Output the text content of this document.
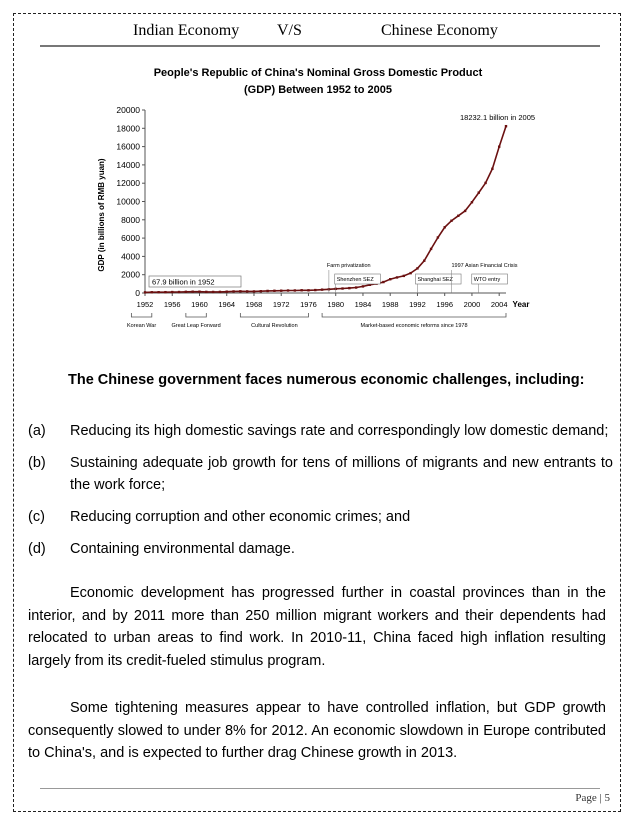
Indian Economy V/S	Chinese Economy
People's Republic of China's Nominal Gross Domestic Product
(GDP) Between 1952 to 2005
GDP (in billions of RMB yuan)
Year
0
2000
4000
6000
8000
10000
12000
14000
16000
18000
20000
1952 1956 1960 1964 1968 1972 1976 1980 1984 1988 1992 1996 2000 2004
Korean War	Great Leap Forward	Cultural Revolution	Market-based economic reforms since 1978
67.9 billion in 1952
18232.1 billion in 2005
Farm privatization
Shenzhen SEZ	Shanghai SEZ
1997 Asian Financial Crisis
WTO entry
The Chinese government faces numerous economic challenges, including:
(a) Reducing its high domestic savings rate and correspondingly low domestic demand;
(b) Sustaining adequate job growth for tens of millions of migrants and new entrants to the work force;
(c) Reducing corruption and other economic crimes; and
(d) Containing environmental damage.
Economic development has progressed further in coastal provinces than in the interior, and by 2011 more than 250 million migrant workers and their dependents had relocated to urban areas to find work. In 2010-11, China faced high inflation resulting largely from its credit-fueled stimulus program.
Some tightening measures appear to have controlled inflation, but GDP growth consequently slowed to under 8% for 2012. An economic slowdown in Europe contributed to China's, and is expected to further drag Chinese growth in 2013.
Page | 5
